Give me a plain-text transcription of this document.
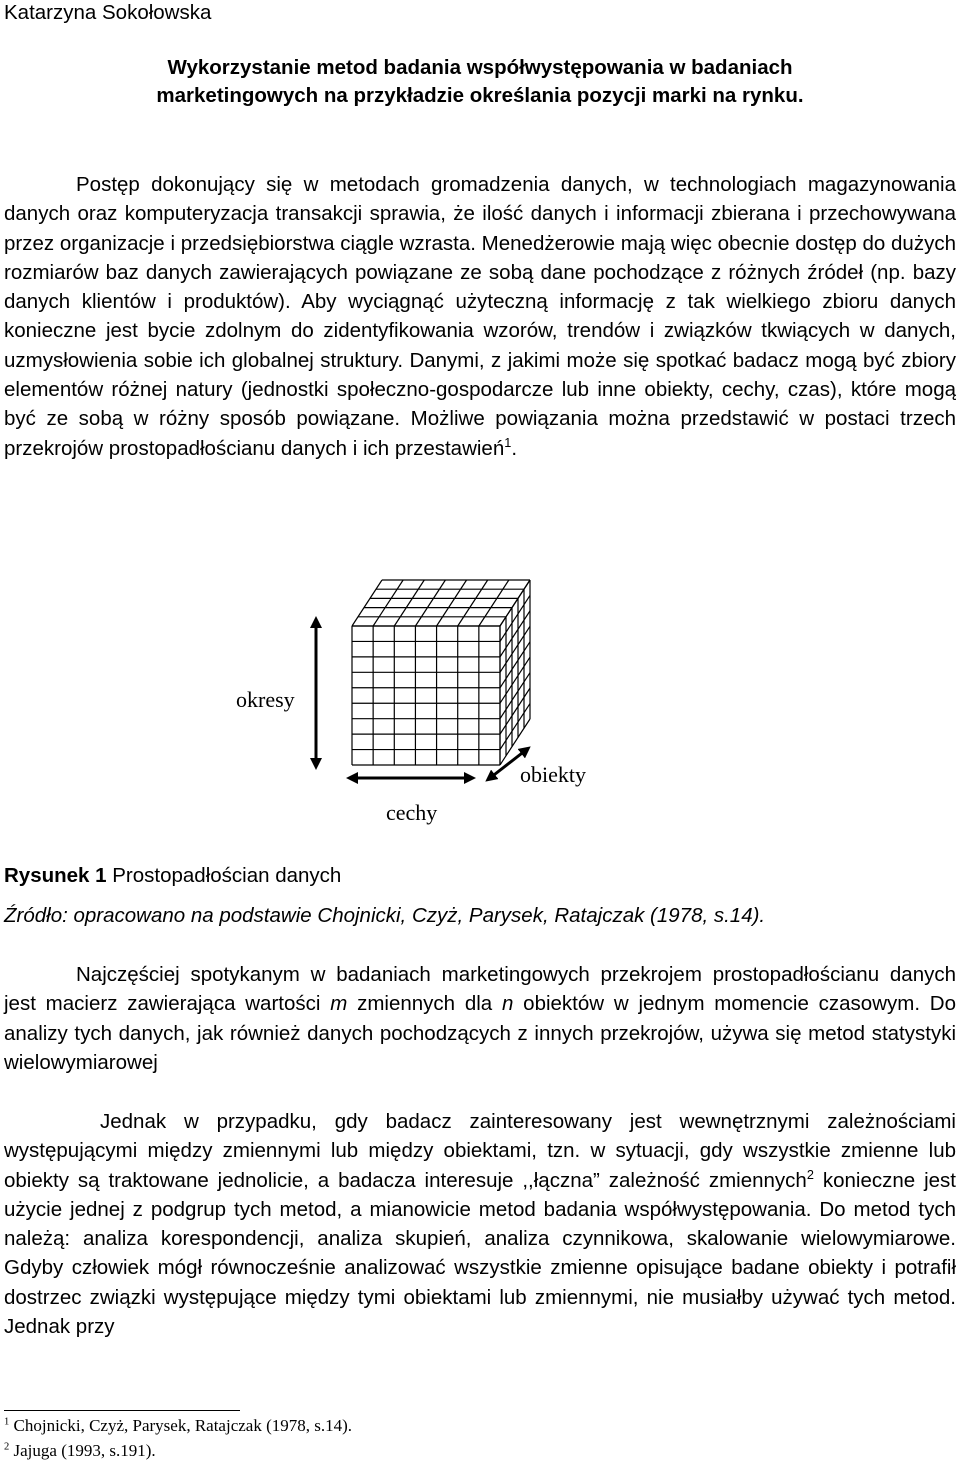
Katarzyna Sokołowska
Wykorzystanie metod badania współwystępowania w badaniach
marketingowych na przykładzie określania pozycji marki na rynku.

Postęp dokonujący się w metodach gromadzenia danych, w technologiach magazynowania danych oraz komputeryzacja transakcji sprawia, że ilość danych i informacji zbierana i przechowywana przez organizacje i przedsiębiorstwa ciągle wzrasta. Menedżerowie mają więc obecnie dostęp do dużych rozmiarów baz danych zawierających powiązane ze sobą dane pochodzące z różnych źródeł (np. bazy danych klientów i produktów). Aby wyciągnąć użyteczną informację z tak wielkiego zbioru danych konieczne jest bycie zdolnym do zidentyfikowania wzorów, trendów i związków tkwiących w danych, uzmysłowienia sobie ich globalnej struktury. Danymi, z jakimi może się spotkać badacz mogą być zbiory elementów różnej natury (jednostki społeczno-gospodarcze lub inne obiekty, cechy, czas), które mogą być ze sobą w różny sposób powiązane. Możliwe powiązania można przedstawić w postaci trzech przekrojów prostopadłościanu danych i ich przestawień$^1$.

okresy
cechy
obiekty
Rysunek 1 Prostopadłościan danych
Źródło: opracowano na podstawie Chojnicki, Czyż, Parysek, Ratajczak (1978, s.14).

Najczęściej spotykanym w badaniach marketingowych przekrojem prostopadłościanu danych jest macierz zawierająca wartości m zmiennych dla n obiektów w jednym momencie czasowym. Do analizy tych danych, jak również danych pochodzących z innych przekrojów, używa się metod statystyki wielowymiarowej

Jednak w przypadku, gdy badacz zainteresowany jest wewnętrznymi zależnościami występującymi między zmiennymi lub między obiektami, tzn. w sytuacji, gdy wszystkie zmienne lub obiekty są traktowane jednolicie, a badacza interesuje ,,łączna” zależność zmiennych$^2$ konieczne jest użycie jednej z podgrup tych metod, a mianowicie metod badania współwystępowania. Do metod tych należą: analiza korespondencji, analiza skupień, analiza czynnikowa, skalowanie wielowymiarowe. Gdyby człowiek mógł równocześnie analizować wszystkie zmienne opisujące badane obiekty i potrafił dostrzec związki występujące między tymi obiektami lub zmiennymi, nie musiałby używać tych metod. Jednak przy

$^1$ Chojnicki, Czyż, Parysek, Ratajczak (1978, s.14).
$^2$ Jajuga (1993, s.191).
